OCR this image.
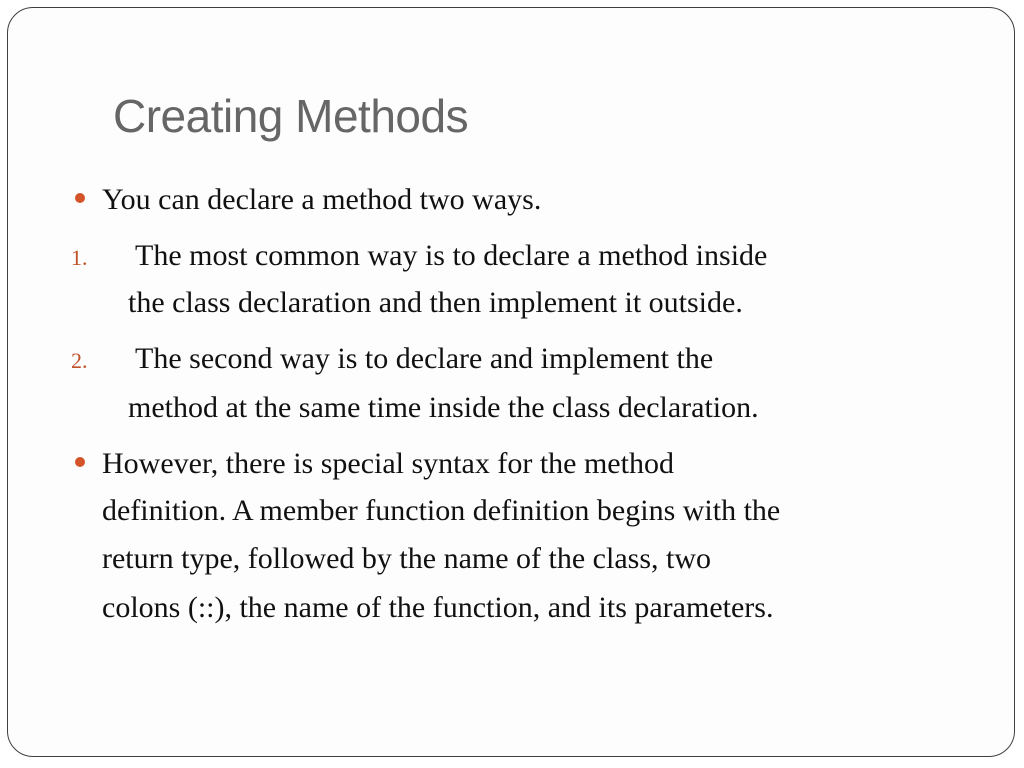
Creating Methods
You can declare a method two ways.
1. The most common way is to declare a method inside
the class declaration and then implement it outside.
2. The second way is to declare and implement the
method at the same time inside the class declaration.
However, there is special syntax for the method
definition. A member function definition begins with the
return type, followed by the name of the class, two
colons (::), the name of the function, and its parameters.
